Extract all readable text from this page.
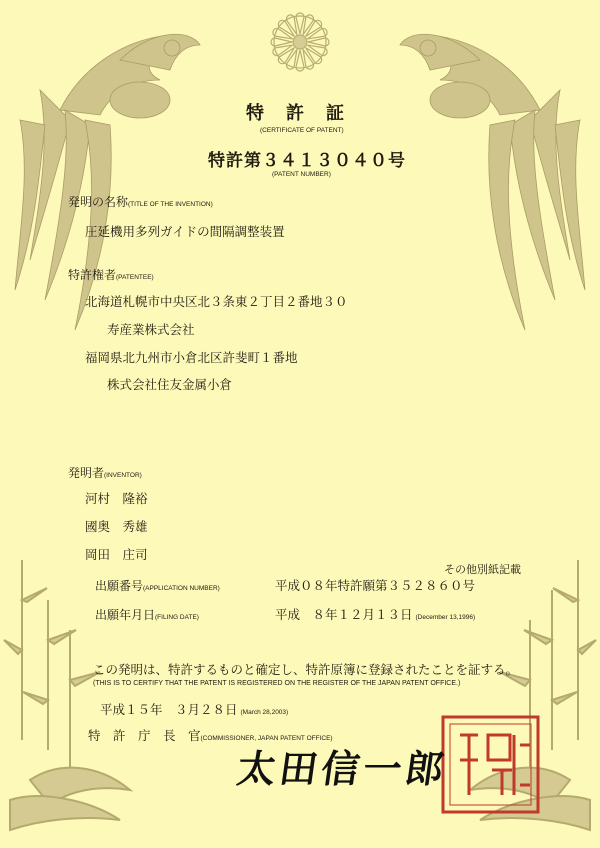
特　許　証
(CERTIFICATE OF PATENT)
特許第３４１３０４０号
(PATENT NUMBER)
発明の名称(TITLE OF THE INVENTION)
圧延機用多列ガイドの間隔調整装置
特許権者(PATENTEE)
北海道札幌市中央区北３条東２丁目２番地３０
寿産業株式会社
福岡県北九州市小倉北区許斐町１番地
株式会社住友金属小倉
発明者(INVENTOR)
河村　隆裕
國奥　秀雄
岡田　庄司
その他別紙記載
出願番号(APPLICATION NUMBER)	平成０８年特許願第３５２８６０号
出願年月日(FILING DATE)	平成　８年１２月１３日 (December 13,1996)
この発明は、特許するものと確定し、特許原簿に登録されたことを証する。
(THIS IS TO CERTIFY THAT THE PATENT IS REGISTERED ON THE REGISTER OF THE JAPAN PATENT OFFICE.)
平成１５年　３月２８日 (March 28,2003)
特　許　庁　長　官(COMMISSIONER, JAPAN PATENT OFFICE)
太田信一郎
